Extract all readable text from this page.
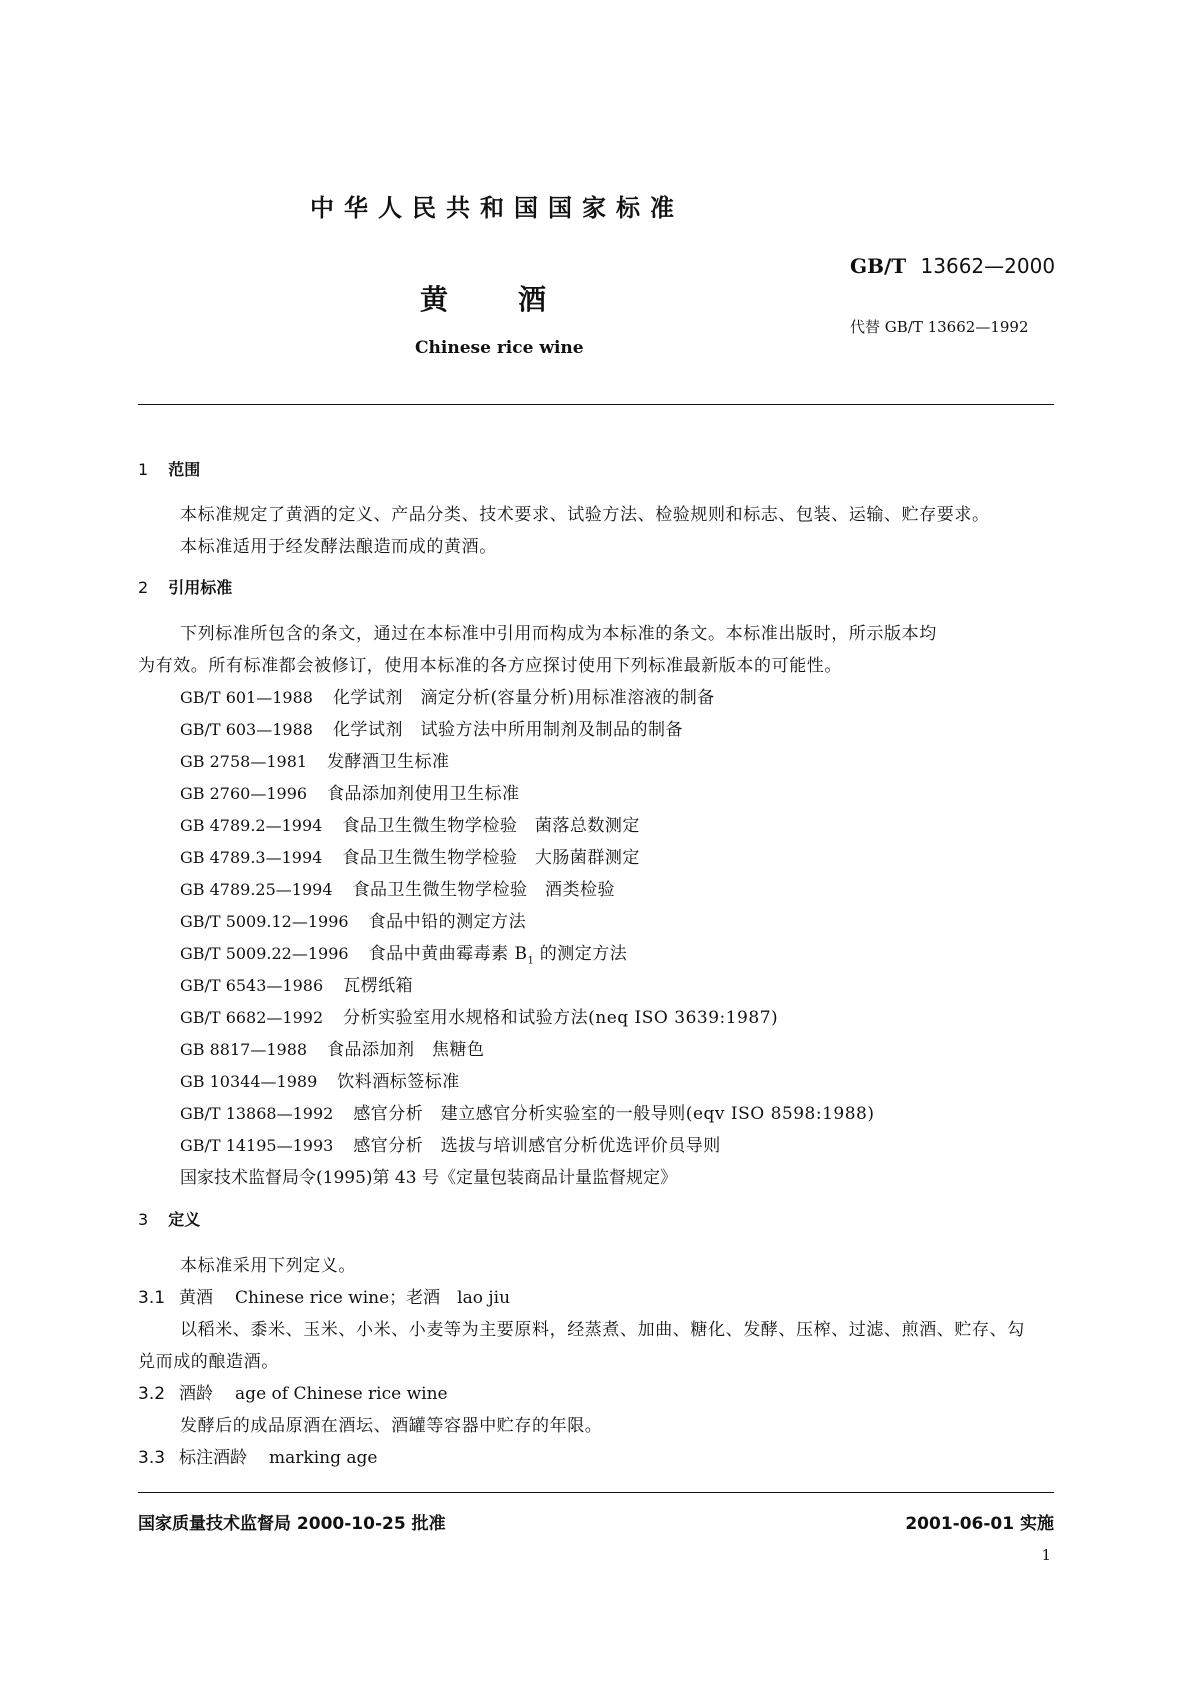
中华人民共和国国家标准
黄酒
Chinese rice wine
GB/T 13662—2000
代替 GB/T 13662—1992
1 范围
本标准规定了黄酒的定义、产品分类、技术要求、试验方法、检验规则和标志、包装、运输、贮存要求。
本标准适用于经发酵法酿造而成的黄酒。
2 引用标准
下列标准所包含的条文，通过在本标准中引用而构成为本标准的条文。本标准出版时，所示版本均
为有效。所有标准都会被修订，使用本标准的各方应探讨使用下列标准最新版本的可能性。
GB/T 601—1988 化学试剂　滴定分析(容量分析)用标准溶液的制备
GB/T 603—1988 化学试剂　试验方法中所用制剂及制品的制备
GB 2758—1981 发酵酒卫生标准
GB 2760—1996 食品添加剂使用卫生标准
GB 4789.2—1994 食品卫生微生物学检验　菌落总数测定
GB 4789.3—1994 食品卫生微生物学检验　大肠菌群测定
GB 4789.25—1994 食品卫生微生物学检验　酒类检验
GB/T 5009.12—1996 食品中铅的测定方法
GB/T 5009.22—1996 食品中黄曲霉毒素 $B_1$ 的测定方法
GB/T 6543—1986 瓦楞纸箱
GB/T 6682—1992 分析实验室用水规格和试验方法(neq ISO 3639:1987)
GB 8817—1988 食品添加剂　焦糖色
GB 10344—1989 饮料酒标签标准
GB/T 13868—1992 感官分析　建立感官分析实验室的一般导则(eqv ISO 8598:1988)
GB/T 14195—1993 感官分析　选拔与培训感官分析优选评价员导则
国家技术监督局令(1995)第 43 号《定量包装商品计量监督规定》
3 定义
本标准采用下列定义。
3.1 黄酒 Chinese rice wine；老酒　lao jiu
以稻米、黍米、玉米、小米、小麦等为主要原料，经蒸煮、加曲、糖化、发酵、压榨、过滤、煎酒、贮存、勾
兑而成的酿造酒。
3.2 酒龄 age of Chinese rice wine
发酵后的成品原酒在酒坛、酒罐等容器中贮存的年限。
3.3 标注酒龄 marking age
国家质量技术监督局 2000-10-25 批准	2001-06-01 实施
1
